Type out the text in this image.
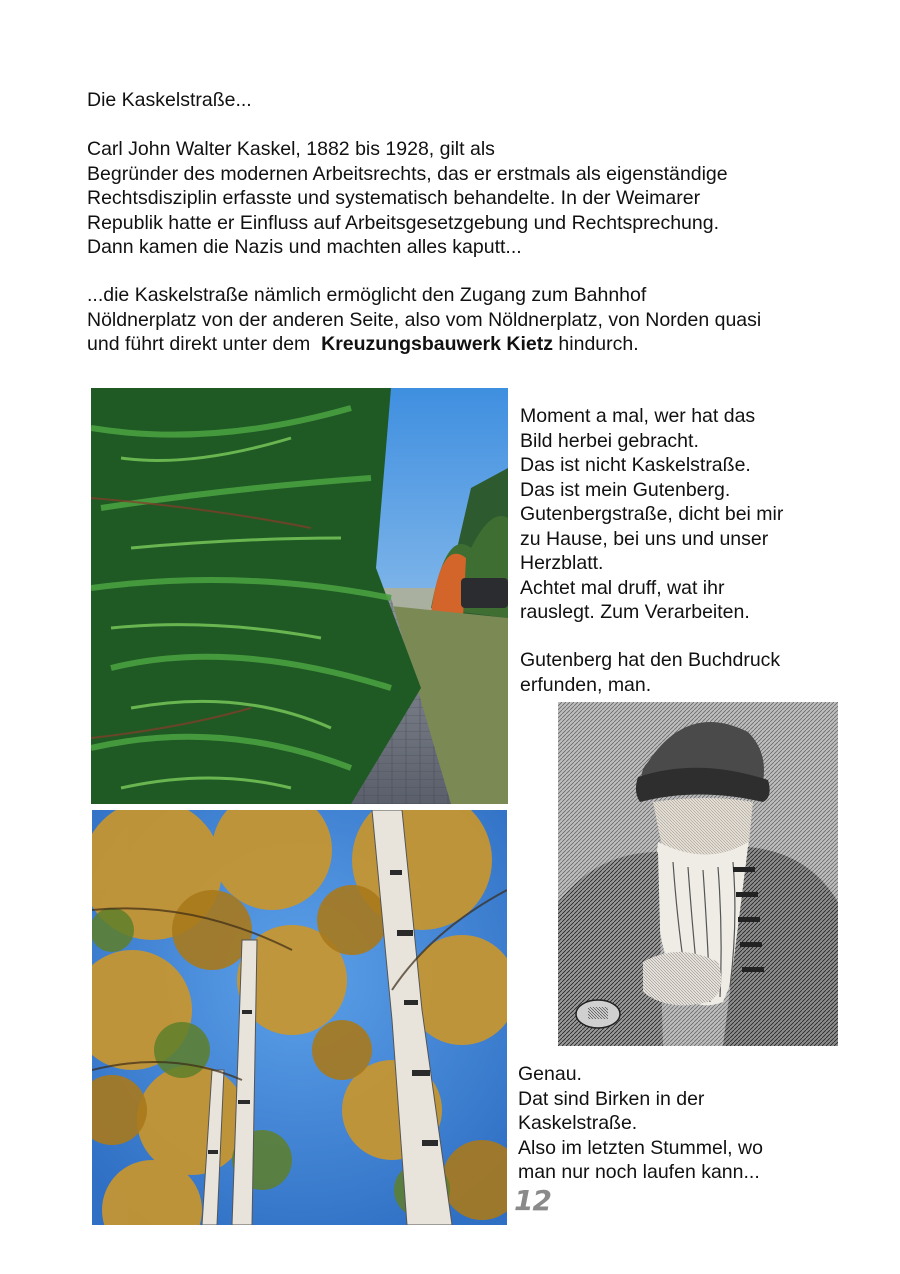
Die Kaskelstraße...

Carl John Walter Kaskel, 1882 bis 1928, gilt als
Begründer des modernen Arbeitsrechts, das er erstmals als eigenständige
Rechtsdisziplin erfasste und systematisch behandelte. In der Weimarer
Republik hatte er Einfluss auf Arbeitsgesetzgebung und Rechtsprechung.
Dann kamen die Nazis und machten alles kaputt...
...die Kaskelstraße nämlich ermöglicht den Zugang zum Bahnhof
Nöldnerplatz von der anderen Seite, also vom Nöldnerplatz, von Norden quasi
und führt direkt unter dem  Kreuzungsbauwerk Kietz hindurch.
Moment a mal, wer hat das
Bild herbei gebracht.
Das ist nicht Kaskelstraße.
Das ist mein Gutenberg.
Gutenbergstraße, dicht bei mir
zu Hause, bei uns und unser
Herzblatt.
Achtet mal druff, wat ihr
rauslegt. Zum Verarbeiten.
Gutenberg hat den Buchdruck
erfunden, man.
Genau.
Dat sind Birken in der
Kaskelstraße.
Also im letzten Stummel, wo
man nur noch laufen kann...
12
